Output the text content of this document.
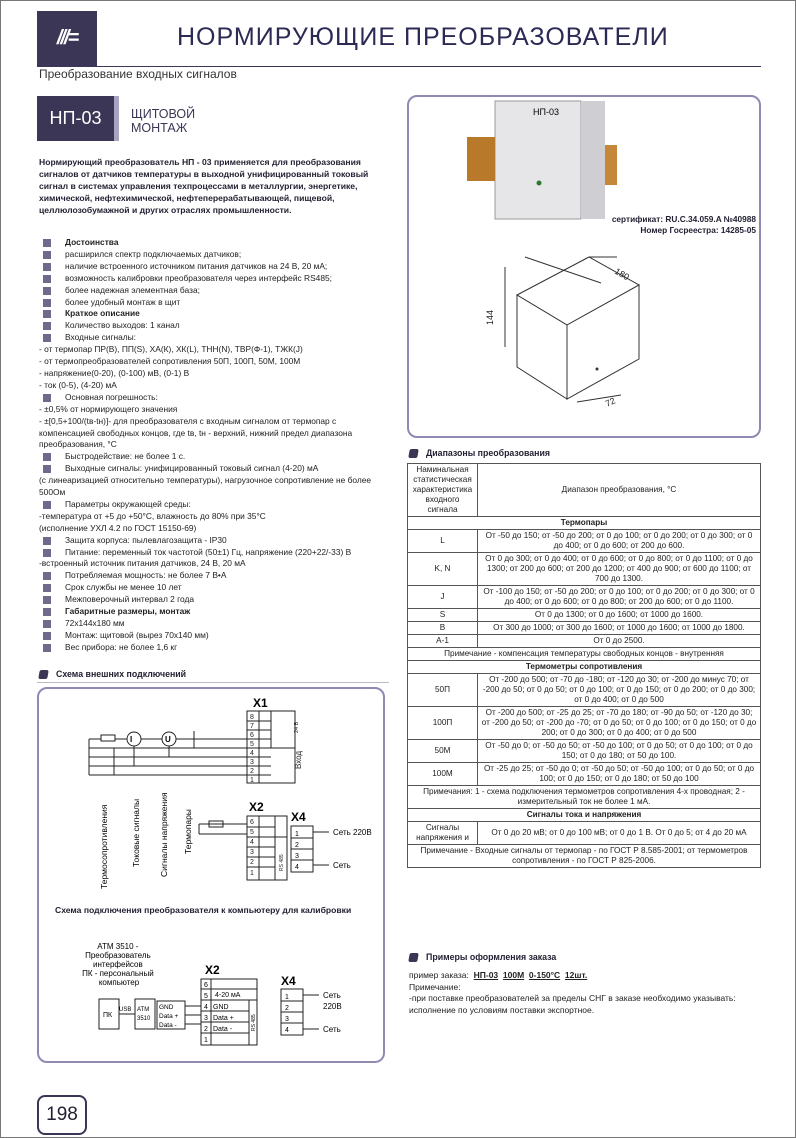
///=	НОРМИРУЮЩИЕ ПРЕОБРАЗОВАТЕЛИ
Преобразование входных сигналов
НП-03	ЩИТОВОЙ
МОНТАЖ
Нормирующий преобразователь НП - 03 применяется для преобразования сигналов от датчиков температуры в выходной унифицированный токовый сигнал в системах управления техпроцессами в металлургии, энергетике, химической, нефтехимической, нефтеперерабатывающей, пищевой, целлюлозобумажной и других отраслях промышленности.
Достоинства
расширился спектр подключаемых датчиков;
наличие встроенного источником питания датчиков на 24 В, 20 мА;
возможность калибровки преобразователя через интерфейс RS485;
более надежная элементная база;
более удобный монтаж в щит
Краткое описание
Количество выходов: 1 канал
Входные сигналы:
- от термопар ПР(В), ПП(S), ХА(К), ХК(L), ТНН(N), ТВР(Ф-1), ТЖК(J)
- от термопреобразователей сопротивления 50П, 100П, 50М, 100М
- напряжение(0-20), (0-100) мВ, (0-1) В
- ток (0-5), (4-20) мА
Основная погрешность:
- ±0,5% от нормирующего значения
- ±[0,5+100/(tв-tн)]- для преобразователя с входным сигналом от термопар с компенсацией свободных концов, где tв, tн - верхний, нижний предел диапазона преобразования, °C
Быстродействие: не более 1 с.
Выходные сигналы: унифицированный токовый сигнал (4-20) мА
(с линеаризацией относительно температуры), нагрузочное сопротивление не более 500Ом
Параметры окружающей среды:
-температура от +5 до +50°C, влажность до 80% при 35°C
(исполнение УХЛ 4.2 по ГОСТ 15150-69)
Защита корпуса: пылевлагозащита - IP30
Питание: переменный ток частотой (50±1) Гц, напряжение (220+22/-33) В
-встроенный источник питания датчиков, 24 В, 20 мА
Потребляемая мощность: не более 7 В•А
Срок службы не менее 10 лет
Межповерочный интервал 2 года
Габаритные размеры, монтаж
72х144х180 мм
Монтаж: щитовой (вырез 70х140 мм)
Вес прибора: не более 1,6 кг
Схема внешних подключений
X1
8
7
6
5
4
3
2
1
24 В
Вход
I	U
Термосопротивления	Токовые сигналы Сигналы напряжения Термопары
X2
6
5
4
3
2
1
RS 485
X4
1
2
3
4
Сеть 220В
Сеть
АТМ 3510 - Преобразователь интерфейсов ПК - персональный компьютер
ПК
USB ATM
3510
GND
Data +
Data -
X2
6
5
4
3
2
1
4-20 мА
GND
Data +
Data -	RS 485
X4
1
2
3
4
Сеть
220В
Сеть
Схема подключения преобразователя к компьютеру для калибровки
198
НП-03
180
144
72
сертификат: RU.C.34.059.A №40988
Номер Госреестра: 14285-05
Диапазоны преобразования
Наминальная статистическая характеристика входного сигнала	Диапазон преобразования, °С
Термопары	
L	От -50 до 150; от -50 до 200; от 0 до 100; от 0 до 200; от 0 до 300; от 0 до 400; от 0 до 600; от 200 до 600.
K, N	От 0 до 300; от 0 до 400; от 0 до 600; от 0 до 800; от 0 до 1100; от 0 до 1300; от 200 до 600; от 200 до 1200; от 400 до 900; от 600 до 1100; от 700 до 1300.
J	От -100 до 150; от -50 до 200; от 0 до 100; от 0 до 200; от 0 до 300; от 0 до 400; от 0 до 600; от 0 до 800; от 200 до 600; от 0 до 1100.
S	От 0 до 1300; от 0 до 1600; от 1000 до 1600.
B	От 300 до 1000; от 300 до 1600; от 1000 до 1600; от 1000 до 1800.
A-1	От 0 до 2500.
Примечание - компенсация температуры свободных концов - внутренняя	
Термометры сопротивления	
50П	От -200 до 500; от -70 до -180; от -120 до 30; от -200 до минус 70; от -200 до 50; от 0 до 50; от 0 до 100; от 0 до 150; от 0 до 200; от 0 до 300; от 0 до 400; от 0 до 500
100П	От -200 до 500; от -25 до 25; от -70 до 180; от -90 до 50; от -120 до 30; от -200 до 50; от -200 до -70; от 0 до 50; от 0 до 100; от 0 до 150; от 0 до 200; от 0 до 300; от 0 до 400; от 0 до 500
50M	От -50 до 0; от -50 до 50; от -50 до 100; от 0 до 50; от 0 до 100; от 0 до 150; от 0 до 180; от 50 до 100.
100M	От -25 до 25; от -50 до 0; от -50 до 50; от -50 до 100; от 0 до 50; от 0 до 100; от 0 до 150; от 0 до 180; от 50 до 100
Примечания: 1 - схема подключения термометров сопротивления 4-х проводная; 2 - измерительный ток не более 1 мА.	
Сигналы тока и напряжения	
Сигналы напряжения и	От 0 до 20 мВ; от 0 до 100 мВ; от 0 до 1 В. От 0 до 5; от 4 до 20 мА
Примечание - Входные сигналы от термопар - по ГОСТ Р 8.585-2001; от термометров сопротивления - по ГОСТ Р 825-2006.	
Примеры оформления заказа
пример заказа: НП-03 100М 0-150°С 12шт.
Примечание:
-при поставке преобразователей за пределы СНГ в заказе необходимо указывать: исполнение по условиям поставки экспортное.
